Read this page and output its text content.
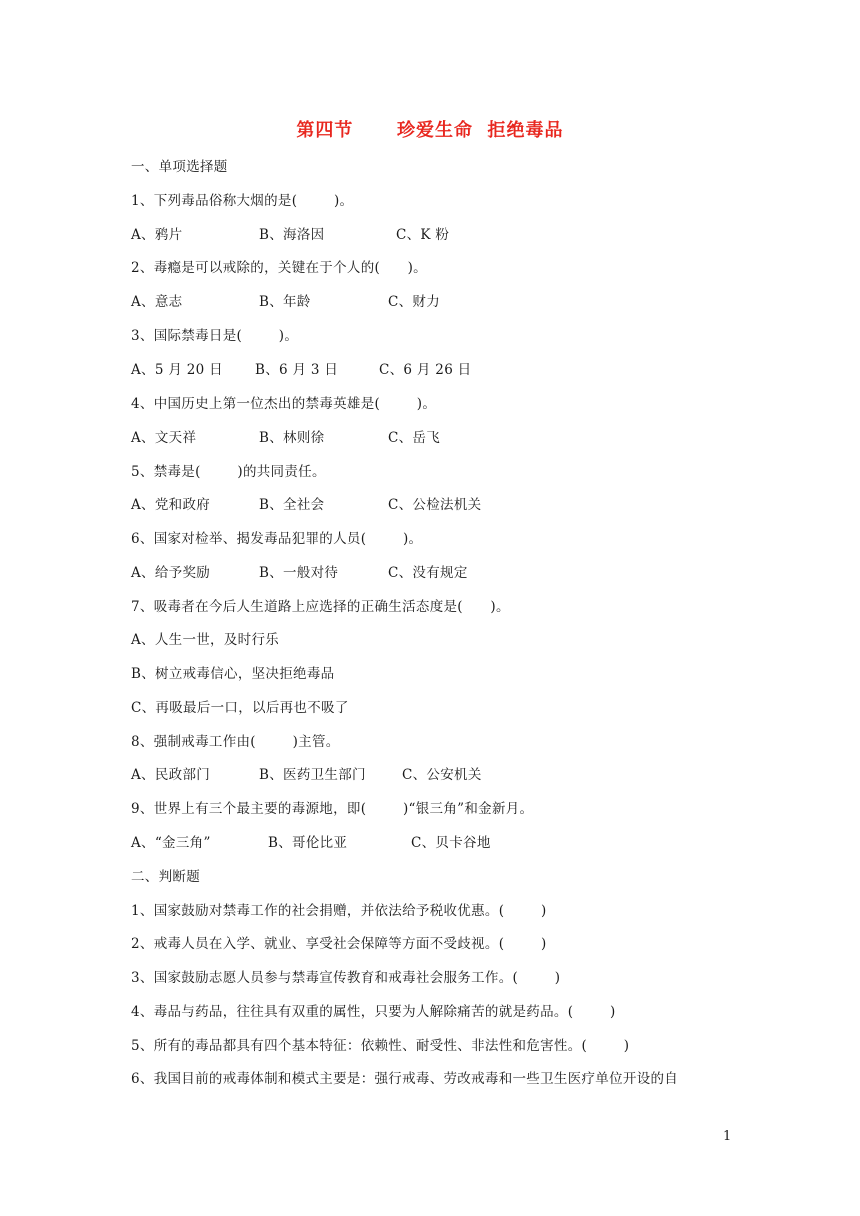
第四节      珍爱生命  拒绝毒品
一、单项选择题
1、下列毒品俗称大烟的是(        )。
A、鸦片	B、海洛因	C、K 粉
2、毒瘾是可以戒除的，关键在于个人的(      )。
A、意志	B、年龄	C、财力
3、国际禁毒日是(        )。
A、5 月 20 日 B、6 月 3 日	C、6 月 26 日
4、中国历史上第一位杰出的禁毒英雄是(        )。
A、文天祥	B、林则徐	C、岳飞
5、禁毒是(        )的共同责任。
A、党和政府	B、全社会	C、公检法机关
6、国家对检举、揭发毒品犯罪的人员(        )。
A、给予奖励	B、一般对待	C、没有规定
7、吸毒者在今后人生道路上应选择的正确生活态度是(      )。
A、人生一世，及时行乐
B、树立戒毒信心，坚决拒绝毒品
C、再吸最后一口，以后再也不吸了
8、强制戒毒工作由(        )主管。
A、民政部门	B、医药卫生部门	C、公安机关
9、世界上有三个最主要的毒源地，即(        )“银三角”和金新月。
A、“金三角”	B、哥伦比亚	C、贝卡谷地
二、判断题
1、国家鼓励对禁毒工作的社会捐赠，并依法给予税收优惠。(        )
2、戒毒人员在入学、就业、享受社会保障等方面不受歧视。(        )
3、国家鼓励志愿人员参与禁毒宣传教育和戒毒社会服务工作。(        )
4、毒品与药品，往往具有双重的属性，只要为人解除痛苦的就是药品。(        )
5、所有的毒品都具有四个基本特征：依赖性、耐受性、非法性和危害性。(        )
6、我国目前的戒毒体制和模式主要是：强行戒毒、劳改戒毒和一些卫生医疗单位开设的自
1
